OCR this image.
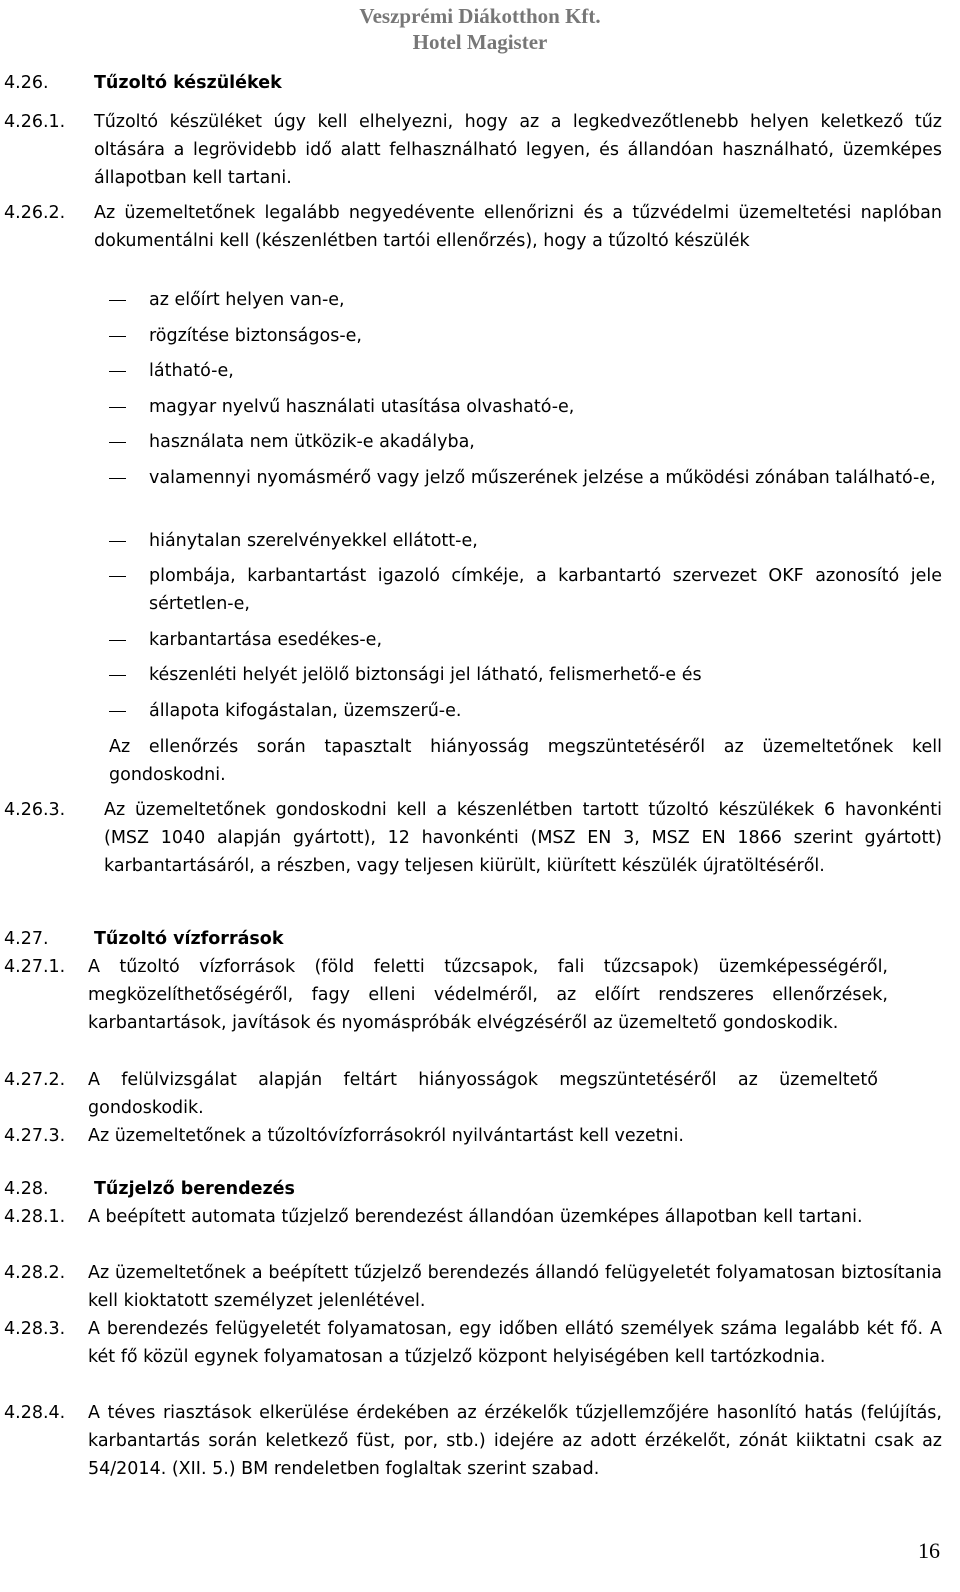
Veszprémi Diákotthon Kft.
Hotel Magister
4.26.	Tűzoltó készülékek
4.26.1. Tűzoltó készüléket úgy kell elhelyezni, hogy az a legkedvezőtlenebb helyen keletkező tűz oltására a legrövidebb idő alatt felhasználható legyen, és állandóan használható, üzemképes állapotban kell tartani.
4.26.2. Az üzemeltetőnek legalább negyedévente ellenőrizni és a tűzvédelmi üzemeltetési naplóban dokumentálni kell (készenlétben tartói ellenőrzés), hogy a tűzoltó készülék
az előírt helyen van-e,
rögzítése biztonságos-e,
látható-e,
magyar nyelvű használati utasítása olvasható-e,
használata nem ütközik-e akadályba,
valamennyi nyomásmérő vagy jelző műszerének jelzése a működési zónában található-e,
hiánytalan szerelvényekkel ellátott-e,
plombája, karbantartást igazoló címkéje, a karbantartó szervezet OKF azonosító jele sértetlen-e,
karbantartása esedékes-e,
készenléti helyét jelölő biztonsági jel látható, felismerhető-e és
állapota kifogástalan, üzemszerű-e.
Az ellenőrzés során tapasztalt hiányosság megszüntetéséről az üzemeltetőnek kell gondoskodni.
4.26.3. Az üzemeltetőnek gondoskodni kell a készenlétben tartott tűzoltó készülékek 6 havonkénti (MSZ 1040 alapján gyártott), 12 havonkénti (MSZ EN 3, MSZ EN 1866 szerint gyártott) karbantartásáról, a részben, vagy teljesen kiürült, kiürített készülék újratöltéséről.
4.27.	Tűzoltó vízforrások
4.27.1. A tűzoltó vízforrások (föld feletti tűzcsapok, fali tűzcsapok) üzemképességéről, megközelíthetőségéről, fagy elleni védelméről, az előírt rendszeres ellenőrzések, karbantartások, javítások és nyomáspróbák elvégzéséről az üzemeltető gondoskodik.
4.27.2. A felülvizsgálat alapján feltárt hiányosságok megszüntetéséről az üzemeltető gondoskodik.
4.27.3. Az üzemeltetőnek a tűzoltóvízforrásokról nyilvántartást kell vezetni.
4.28.	Tűzjelző berendezés
4.28.1. A beépített automata tűzjelző berendezést állandóan üzemképes állapotban kell tartani.
4.28.2. Az üzemeltetőnek a beépített tűzjelző berendezés állandó felügyeletét folyamatosan biztosítania kell kioktatott személyzet jelenlétével.
4.28.3. A berendezés felügyeletét folyamatosan, egy időben ellátó személyek száma legalább két fő. A két fő közül egynek folyamatosan a tűzjelző központ helyiségében kell tartózkodnia.
4.28.4. A téves riasztások elkerülése érdekében az érzékelők tűzjellemzőjére hasonlító hatás (felújítás, karbantartás során keletkező füst, por, stb.) idejére az adott érzékelőt, zónát kiiktatni csak az 54/2014. (XII. 5.) BM rendeletben foglaltak szerint szabad.
16
